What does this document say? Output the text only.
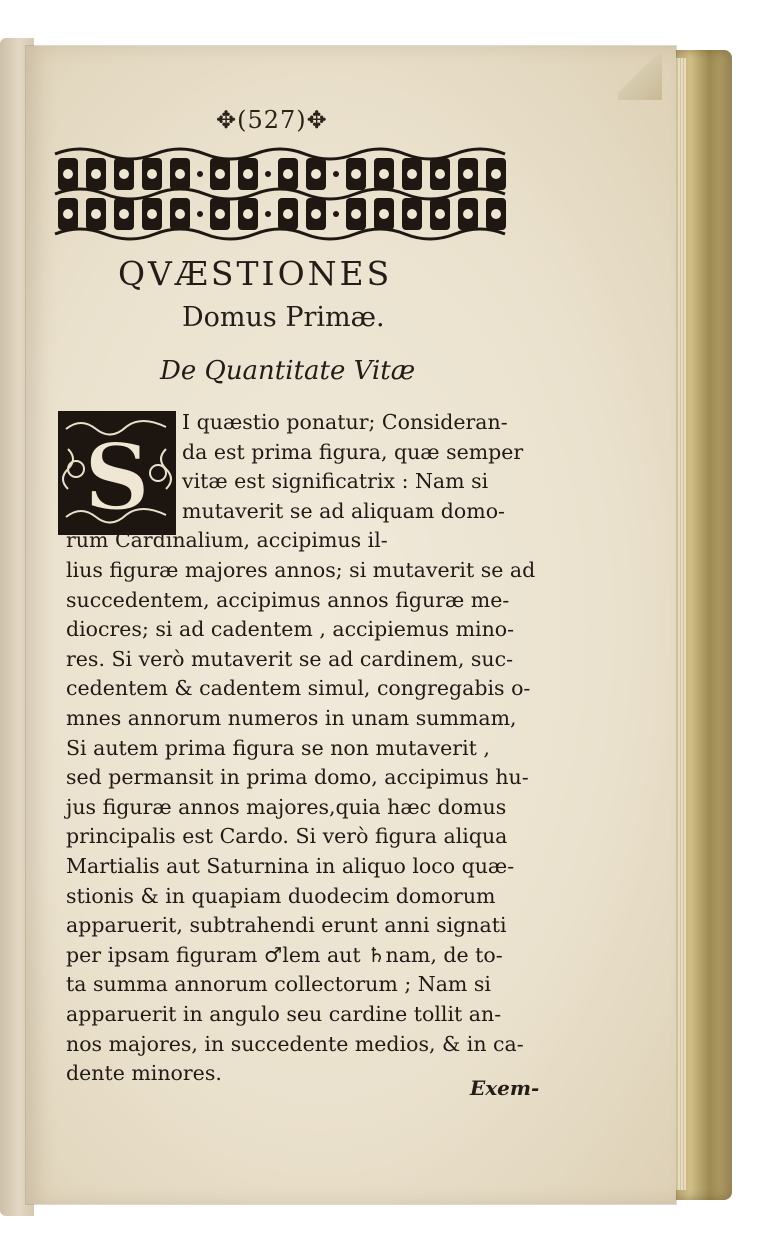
✥(527)✥
QVÆSTIONES
Domus Primæ.
De Quantitate Vitæ
S
I quæstio ponatur; Consideran-
da est prima figura, quæ semper
vitæ est significatrix : Nam si
mutaverit se ad aliquam domo-
rum Cardinalium, accipimus il-
lius figuræ majores annos; si mutaverit se ad
succedentem, accipimus annos figuræ me-
diocres; si ad cadentem , accipiemus mino-
res. Si verò mutaverit se ad cardinem, suc-
cedentem & cadentem simul, congregabis o-
mnes annorum numeros in unam summam,
Si autem prima figura se non mutaverit ,
sed permansit in prima domo, accipimus hu-
jus figuræ annos majores,quia hæc domus
principalis est Cardo. Si verò figura aliqua
Martialis aut Saturnina in aliquo loco quæ-
stionis & in quapiam duodecim domorum
apparuerit, subtrahendi erunt anni signati
per ipsam figuram ♂lem aut ♄nam, de to-
ta summa annorum collectorum ; Nam si
apparuerit in angulo seu cardine tollit an-
nos majores, in succedente medios, & in ca-
dente minores.
Exem-
